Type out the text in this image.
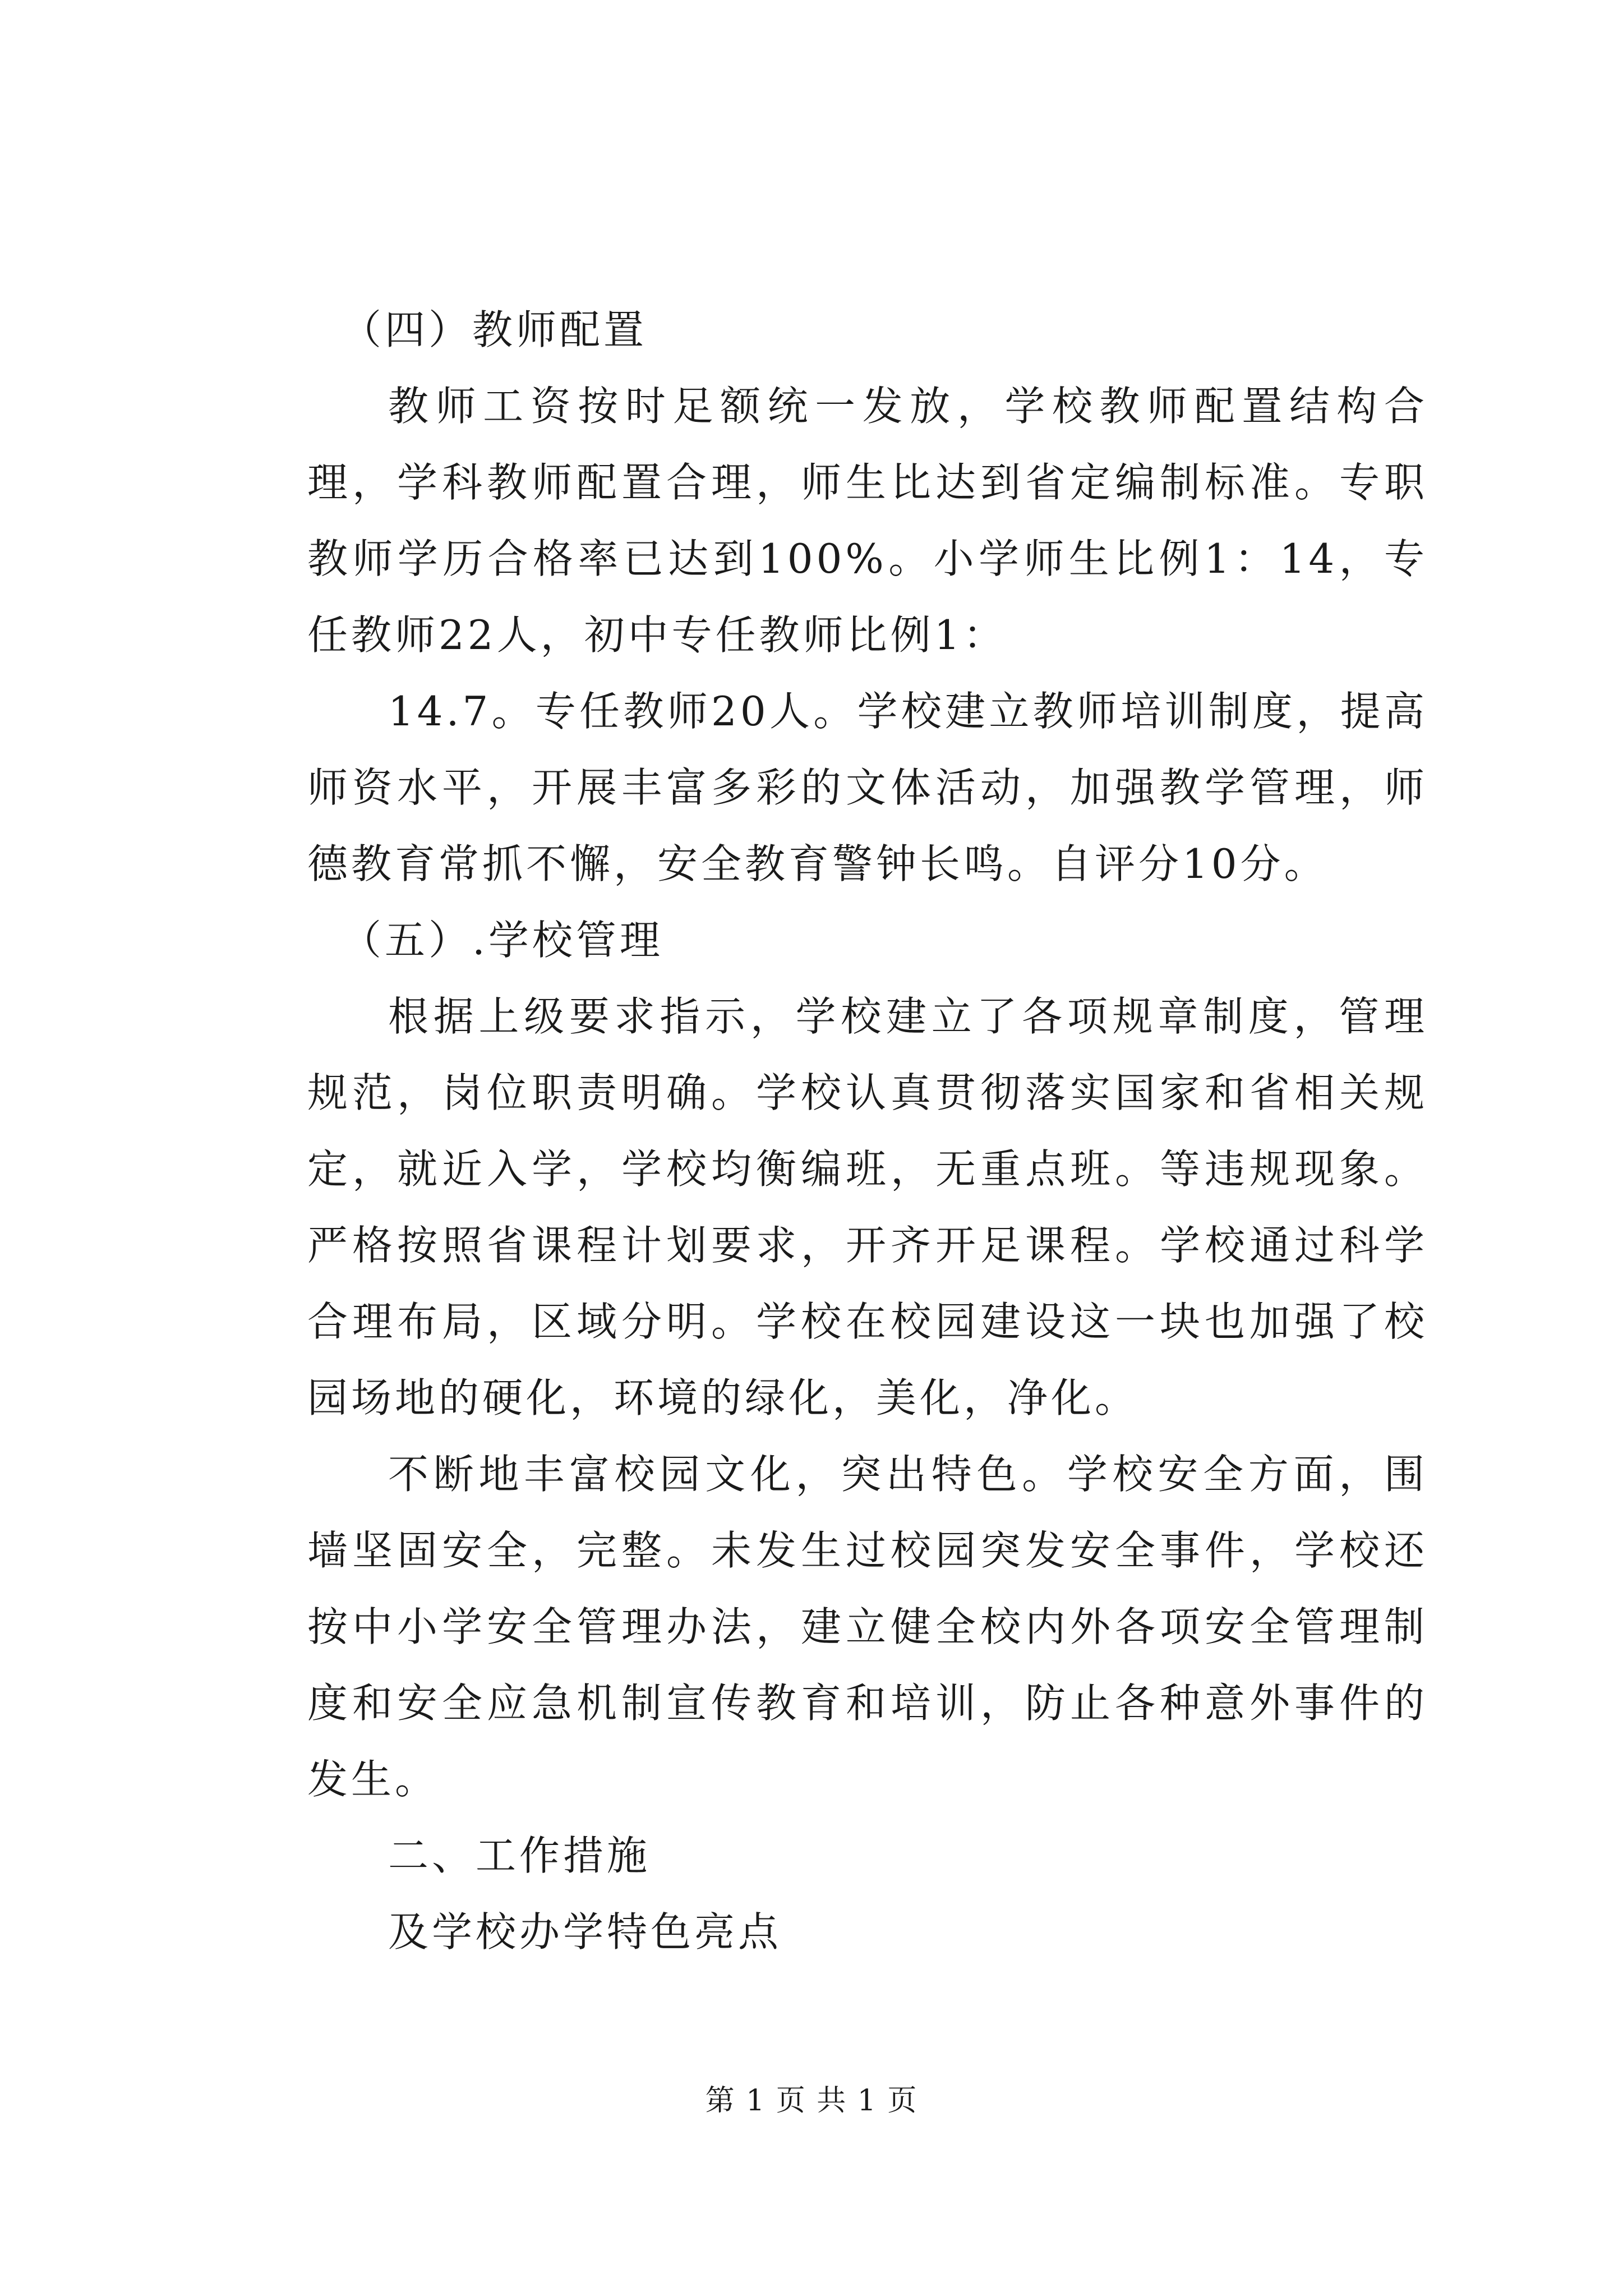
（四）教师配置

教师工资按时足额统一发放，学校教师配置结构合理，学科教师配置合理，师生比达到省定编制标准。专职教师学历合格率已达到100%。小学师生比例1：14，专任教师22人，初中专任教师比例1：

14.7。专任教师20人。学校建立教师培训制度，提高师资水平，开展丰富多彩的文体活动，加强教学管理，师德教育常抓不懈，安全教育警钟长鸣。自评分10分。

（五）.学校管理

根据上级要求指示，学校建立了各项规章制度，管理规范，岗位职责明确。学校认真贯彻落实国家和省相关规定，就近入学，学校均衡编班，无重点班。等违规现象。严格按照省课程计划要求，开齐开足课程。学校通过科学合理布局，区域分明。学校在校园建设这一块也加强了校园场地的硬化，环境的绿化，美化，净化。

不断地丰富校园文化，突出特色。学校安全方面，围墙坚固安全，完整。未发生过校园突发安全事件，学校还按中小学安全管理办法，建立健全校内外各项安全管理制度和安全应急机制宣传教育和培训，防止各种意外事件的发生。

二、工作措施

及学校办学特色亮点

第 1 页 共 1 页
